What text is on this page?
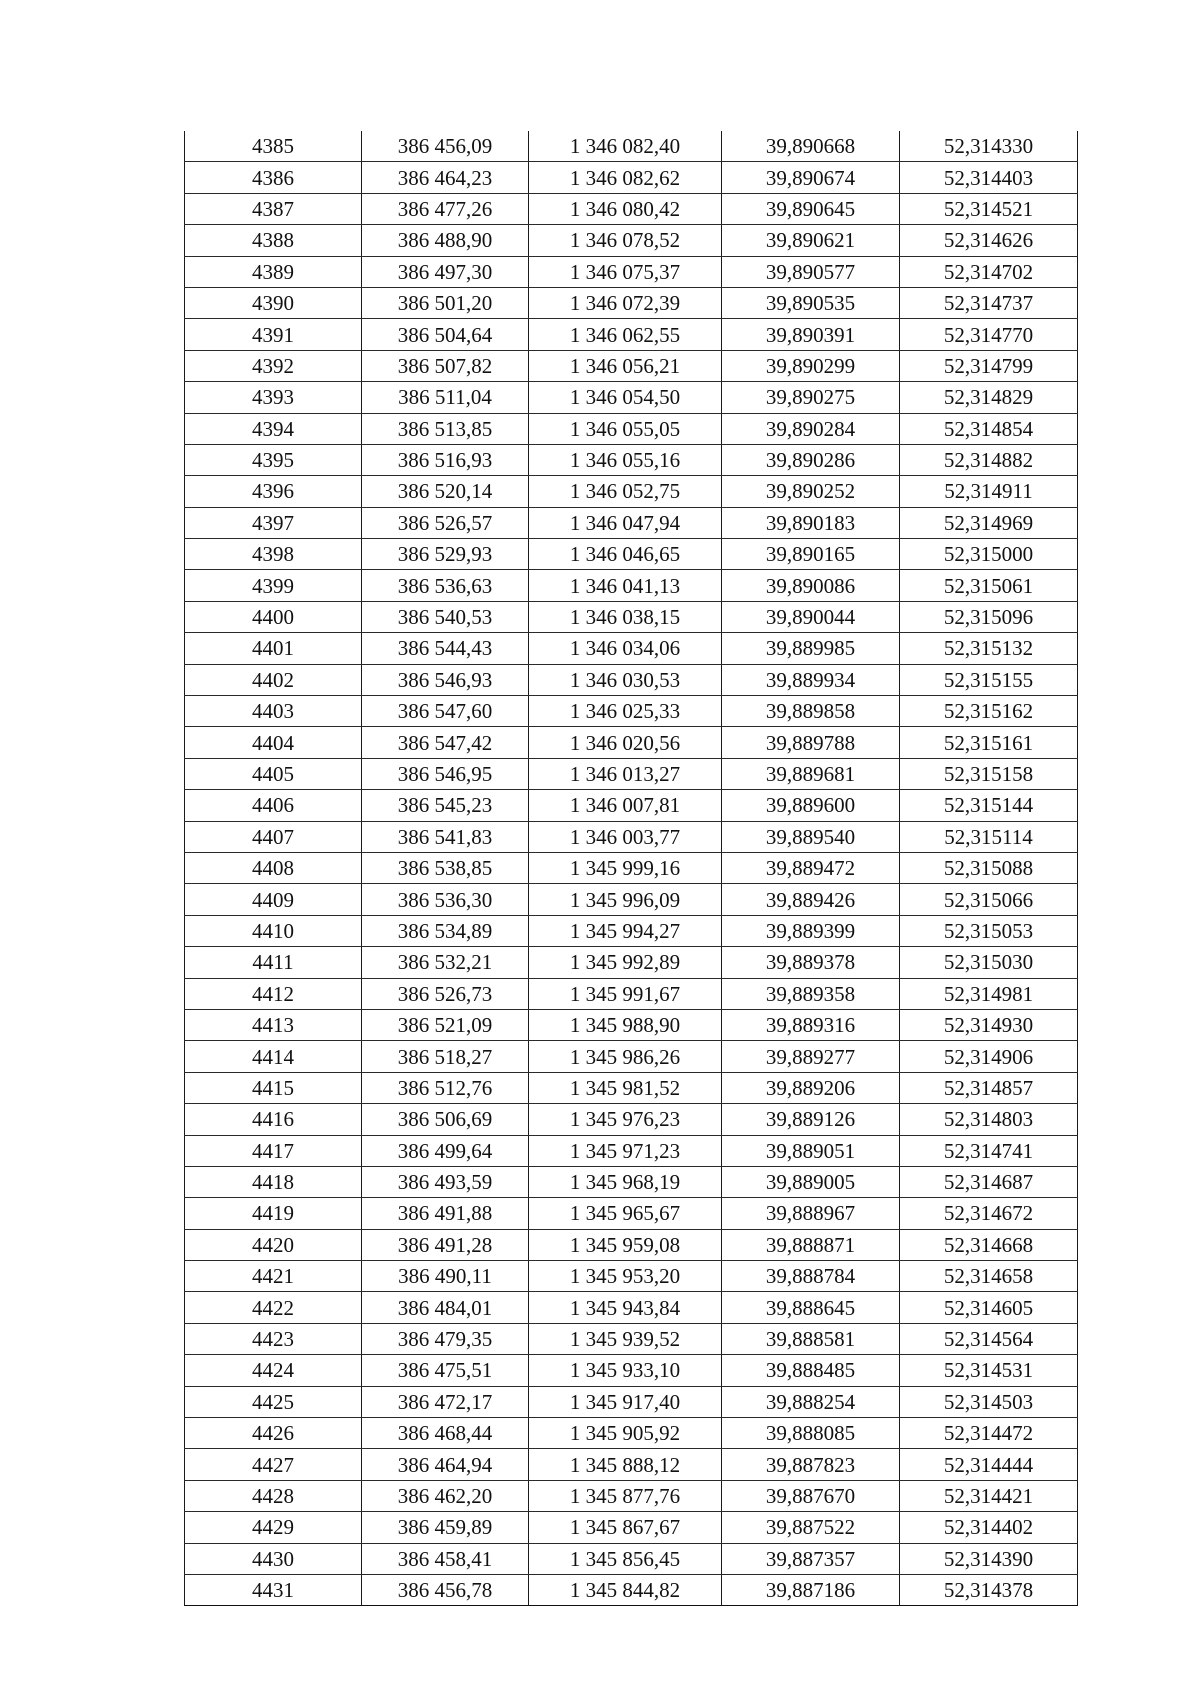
4385	386 456,09	1 346 082,40	39,890668	52,314330
4386	386 464,23	1 346 082,62	39,890674	52,314403
4387	386 477,26	1 346 080,42	39,890645	52,314521
4388	386 488,90	1 346 078,52	39,890621	52,314626
4389	386 497,30	1 346 075,37	39,890577	52,314702
4390	386 501,20	1 346 072,39	39,890535	52,314737
4391	386 504,64	1 346 062,55	39,890391	52,314770
4392	386 507,82	1 346 056,21	39,890299	52,314799
4393	386 511,04	1 346 054,50	39,890275	52,314829
4394	386 513,85	1 346 055,05	39,890284	52,314854
4395	386 516,93	1 346 055,16	39,890286	52,314882
4396	386 520,14	1 346 052,75	39,890252	52,314911
4397	386 526,57	1 346 047,94	39,890183	52,314969
4398	386 529,93	1 346 046,65	39,890165	52,315000
4399	386 536,63	1 346 041,13	39,890086	52,315061
4400	386 540,53	1 346 038,15	39,890044	52,315096
4401	386 544,43	1 346 034,06	39,889985	52,315132
4402	386 546,93	1 346 030,53	39,889934	52,315155
4403	386 547,60	1 346 025,33	39,889858	52,315162
4404	386 547,42	1 346 020,56	39,889788	52,315161
4405	386 546,95	1 346 013,27	39,889681	52,315158
4406	386 545,23	1 346 007,81	39,889600	52,315144
4407	386 541,83	1 346 003,77	39,889540	52,315114
4408	386 538,85	1 345 999,16	39,889472	52,315088
4409	386 536,30	1 345 996,09	39,889426	52,315066
4410	386 534,89	1 345 994,27	39,889399	52,315053
4411	386 532,21	1 345 992,89	39,889378	52,315030
4412	386 526,73	1 345 991,67	39,889358	52,314981
4413	386 521,09	1 345 988,90	39,889316	52,314930
4414	386 518,27	1 345 986,26	39,889277	52,314906
4415	386 512,76	1 345 981,52	39,889206	52,314857
4416	386 506,69	1 345 976,23	39,889126	52,314803
4417	386 499,64	1 345 971,23	39,889051	52,314741
4418	386 493,59	1 345 968,19	39,889005	52,314687
4419	386 491,88	1 345 965,67	39,888967	52,314672
4420	386 491,28	1 345 959,08	39,888871	52,314668
4421	386 490,11	1 345 953,20	39,888784	52,314658
4422	386 484,01	1 345 943,84	39,888645	52,314605
4423	386 479,35	1 345 939,52	39,888581	52,314564
4424	386 475,51	1 345 933,10	39,888485	52,314531
4425	386 472,17	1 345 917,40	39,888254	52,314503
4426	386 468,44	1 345 905,92	39,888085	52,314472
4427	386 464,94	1 345 888,12	39,887823	52,314444
4428	386 462,20	1 345 877,76	39,887670	52,314421
4429	386 459,89	1 345 867,67	39,887522	52,314402
4430	386 458,41	1 345 856,45	39,887357	52,314390
4431	386 456,78	1 345 844,82	39,887186	52,314378
